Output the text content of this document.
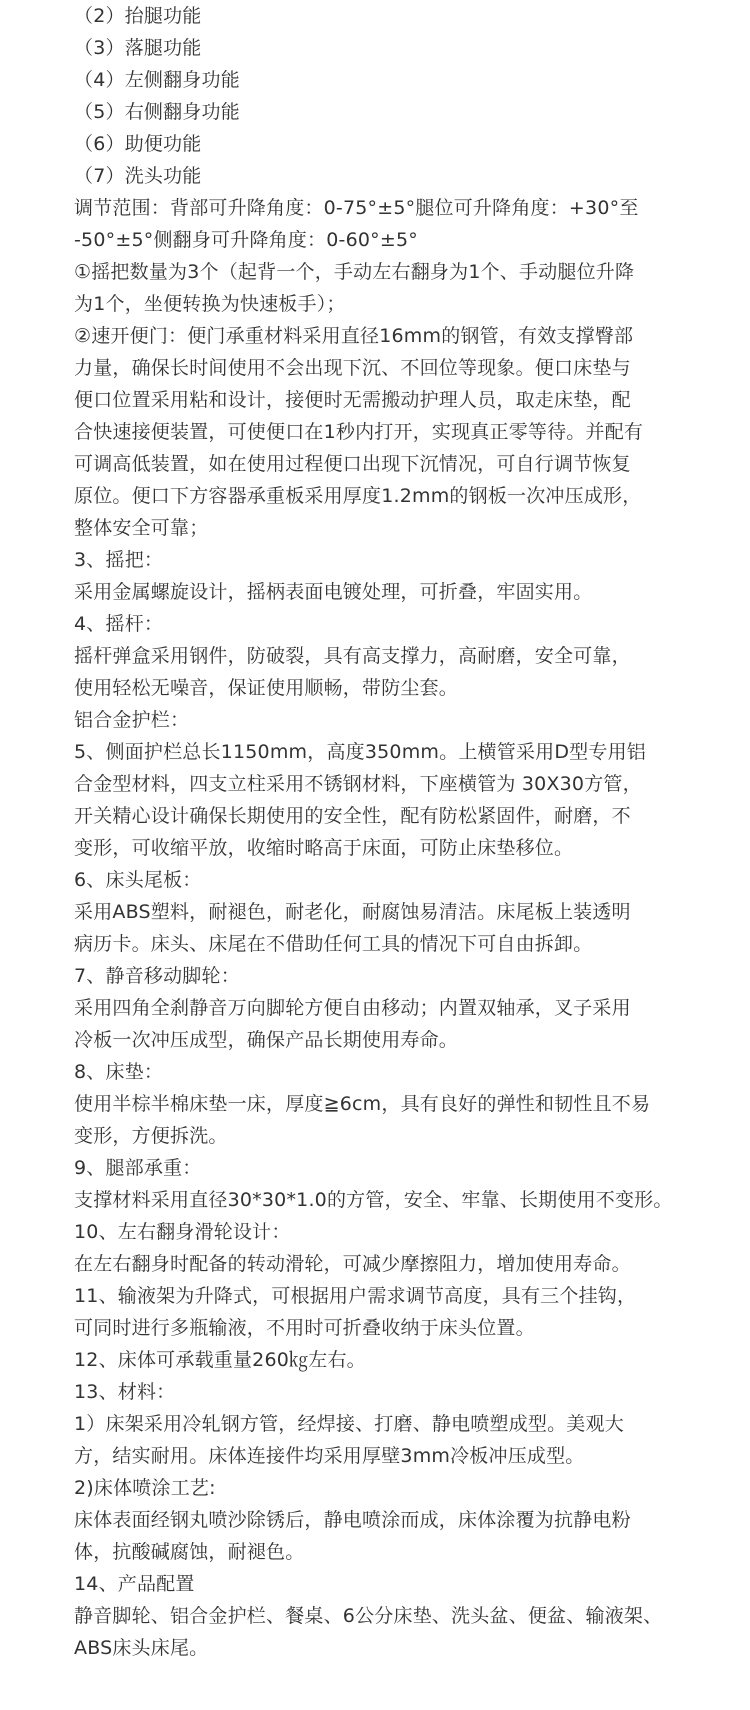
（2）抬腿功能
（3）落腿功能
（4）左侧翻身功能
（5）右侧翻身功能
（6）助便功能
（7）洗头功能
调节范围：背部可升降角度：0-75°±5°腿位可升降角度：+30°至
-50°±5°侧翻身可升降角度：0-60°±5°
①摇把数量为3个（起背一个，手动左右翻身为1个、手动腿位升降
为1个，坐便转换为快速板手）；
②速开便门：便门承重材料采用直径16mm的钢管，有效支撑臀部
力量，确保长时间使用不会出现下沉、不回位等现象。便口床垫与
便口位置采用粘和设计，接便时无需搬动护理人员，取走床垫，配
合快速接便装置，可使便口在1秒内打开，实现真正零等待。并配有
可调高低装置，如在使用过程便口出现下沉情况，可自行调节恢复
原位。便口下方容器承重板采用厚度1.2mm的钢板一次冲压成形，
整体安全可靠；
3、摇把：
采用金属螺旋设计，摇柄表面电镀处理，可折叠，牢固实用。
4、摇杆：
摇杆弹盒采用钢件，防破裂，具有高支撑力，高耐磨，安全可靠，
使用轻松无噪音，保证使用顺畅，带防尘套。
铝合金护栏：
5、侧面护栏总长1150mm，高度350mm。上横管采用D型专用铝
合金型材料，四支立柱采用不锈钢材料，下座横管为 30X30方管，
开关精心设计确保长期使用的安全性，配有防松紧固件，耐磨，不
变形，可收缩平放，收缩时略高于床面，可防止床垫移位。
6、床头尾板：
采用ABS塑料，耐褪色，耐老化，耐腐蚀易清洁。床尾板上装透明
病历卡。床头、床尾在不借助任何工具的情况下可自由拆卸。
7、静音移动脚轮：
采用四角全刹静音万向脚轮方便自由移动；内置双轴承，叉子采用
冷板一次冲压成型，确保产品长期使用寿命。
8、床垫：
使用半棕半棉床垫一床，厚度≧6cm，具有良好的弹性和韧性且不易
变形，方便拆洗。
9、腿部承重：
支撑材料采用直径30*30*1.0的方管，安全、牢靠、长期使用不变形。
10、左右翻身滑轮设计：
在左右翻身时配备的转动滑轮，可减少摩擦阻力，增加使用寿命。
11、输液架为升降式，可根据用户需求调节高度，具有三个挂钩，
可同时进行多瓶输液，不用时可折叠收纳于床头位置。
12、床体可承载重量260㎏左右。
13、材料：
1）床架采用冷轧钢方管，经焊接、打磨、静电喷塑成型。美观大
方，结实耐用。床体连接件均采用厚壁3mm冷板冲压成型。
2)床体喷涂工艺:
床体表面经钢丸喷沙除锈后，静电喷涂而成，床体涂覆为抗静电粉
体，抗酸碱腐蚀，耐褪色。
14、产品配置
静音脚轮、铝合金护栏、餐桌、6公分床垫、洗头盆、便盆、输液架、
ABS床头床尾。
